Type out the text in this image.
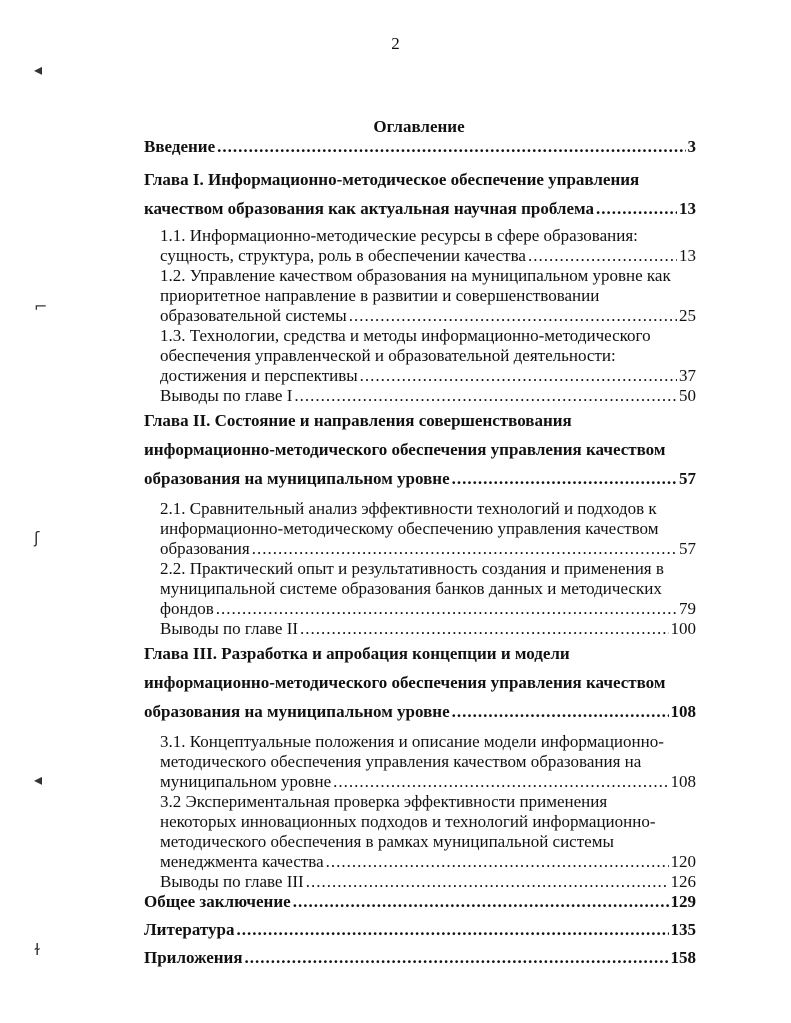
2
Оглавление
Введение .....	3
Глава I. Информационно-методическое обеспечение управления
качеством образования как актуальная научная проблема .....	13
1.1. Информационно-методические ресурсы в сфере образования:
сущность, структура, роль в обеспечении качества .....	13
1.2. Управление качеством образования на муниципальном уровне как
приоритетное направление в развитии и совершенствовании
образовательной системы .....	25
1.3. Технологии, средства и методы информационно-методического
обеспечения управленческой и образовательной деятельности:
достижения и перспективы .....	37
Выводы по главе I .....	50
Глава II. Состояние и направления совершенствования
информационно-методического обеспечения управления качеством
образования на муниципальном уровне .....	57
2.1. Сравнительный анализ эффективности технологий и подходов к
информационно-методическому обеспечению управления качеством
образования .....	57
2.2. Практический опыт и результативность создания и применения в
муниципальной системе образования банков данных и методических
фондов .....	79
Выводы по главе II .....	100
Глава III. Разработка и апробация концепции и модели
информационно-методического обеспечения управления качеством
образования на муниципальном уровне .....	108
3.1. Концептуальные положения и описание модели информационно-
методического обеспечения управления качеством образования на
муниципальном уровне .....	108
3.2 Экспериментальная проверка эффективности применения
некоторых инновационных подходов и технологий информационно-
методического обеспечения в рамках муниципальной системы
менеджмента качества .....	120
Выводы по главе III .....	126
Общее заключение .....	129
Литература .....	135
Приложения .....	158
◂
⌐
ʃ
◂
ɫ
